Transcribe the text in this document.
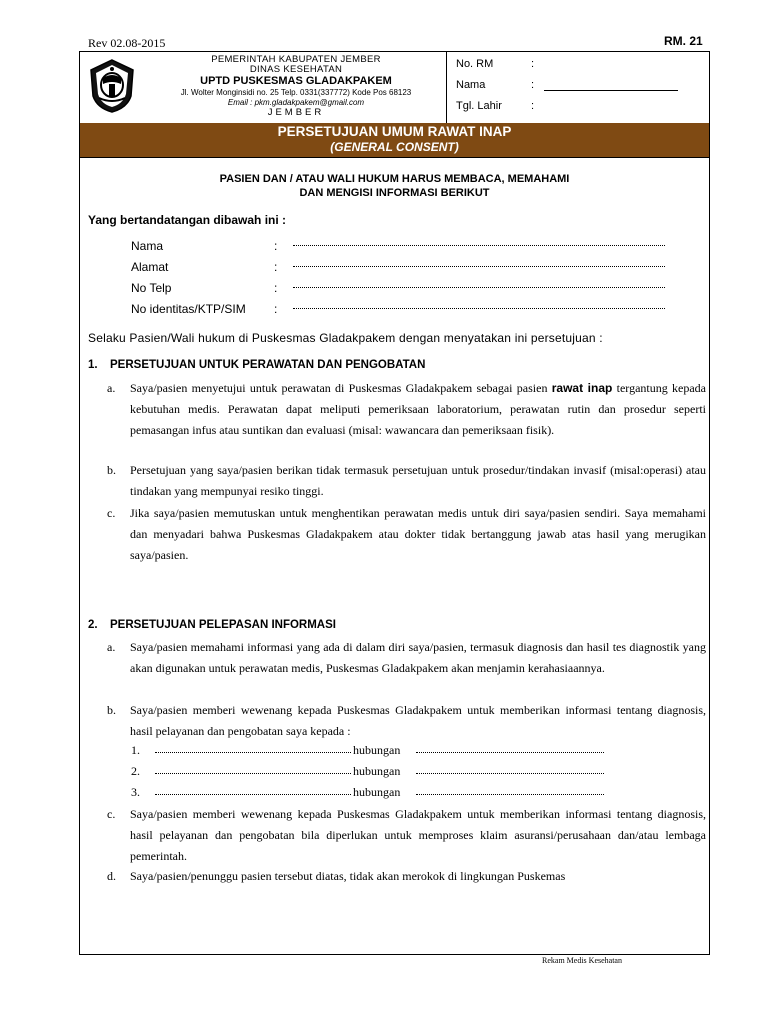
Rev 02.08-2015	RM. 21
PEMERINTAH KABUPATEN JEMBER
DINAS KESEHATAN
UPTD PUSKESMAS GLADAKPAKEM
Jl. Wolter Monginsidi no. 25 Telp. 0331(337772) Kode Pos 68123
Email : pkm.gladakpakem@gmail.com
JEMBER
No. RM	:
Nama	:
Tgl. Lahir	:
PERSETUJUAN UMUM RAWAT INAP
(GENERAL CONSENT)
PASIEN DAN / ATAU WALI HUKUM HARUS MEMBACA, MEMAHAMI
DAN MENGISI INFORMASI BERIKUT
Yang bertandatangan dibawah ini :
Nama	:
Alamat	:
No Telp	:
No identitas/KTP/SIM :
Selaku Pasien/Wali hukum di Puskesmas Gladakpakem dengan menyatakan ini persetujuan :
1. PERSETUJUAN UNTUK PERAWATAN DAN PENGOBATAN
a. Saya/pasien menyetujui untuk perawatan di Puskesmas Gladakpakem sebagai pasien rawat inap tergantung kepada kebutuhan medis. Perawatan dapat meliputi pemeriksaan laboratorium, perawatan rutin dan prosedur seperti pemasangan infus atau suntikan dan evaluasi (misal: wawancara dan pemeriksaan fisik).
b. Persetujuan yang saya/pasien berikan tidak termasuk persetujuan untuk prosedur/tindakan invasif (misal:operasi) atau tindakan yang mempunyai resiko tinggi.
c. Jika saya/pasien memutuskan untuk menghentikan perawatan medis untuk diri saya/pasien sendiri. Saya memahami dan menyadari bahwa Puskesmas Gladakpakem atau dokter tidak bertanggung jawab atas hasil yang merugikan saya/pasien.
2. PERSETUJUAN PELEPASAN INFORMASI
a. Saya/pasien memahami informasi yang ada di dalam diri saya/pasien, termasuk diagnosis dan hasil tes diagnostik yang akan digunakan untuk perawatan medis, Puskesmas Gladakpakem akan menjamin kerahasiaannya.
b. Saya/pasien memberi wewenang kepada Puskesmas Gladakpakem untuk memberikan informasi tentang diagnosis, hasil pelayanan dan pengobatan saya kepada :
1.	hubungan
2.	hubungan
3.	hubungan
c. Saya/pasien memberi wewenang kepada Puskesmas Gladakpakem untuk memberikan informasi tentang diagnosis, hasil pelayanan dan pengobatan bila diperlukan untuk memproses klaim asuransi/perusahaan dan/atau lembaga pemerintah.
d. Saya/pasien/penunggu pasien tersebut diatas, tidak akan merokok di lingkungan Puskemas
Rekam Medis Kesehatan
